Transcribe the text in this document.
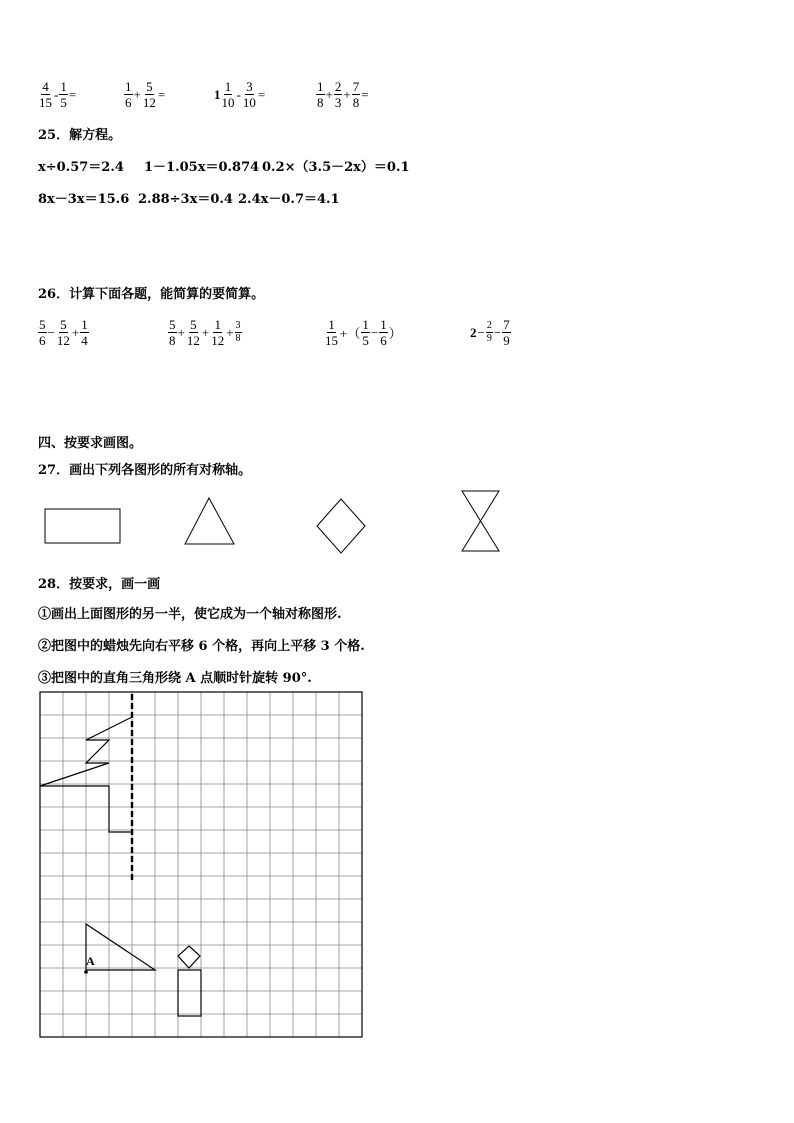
$\frac{4}{15} - \frac{1}{5}$ =	$\frac{1}{6} + \frac{5}{12}$ =	$1 \frac{1}{10} - \frac{3}{10}$ =	$\frac{1}{8} + \frac{2}{3} + \frac{7}{8}$ =
25．解方程。
x÷0.57＝2.4 1－1.05x＝0.874 0.2×（3.5－2x）＝0.1
8x－3x＝15.6 2.88÷3x＝0.4 2.4x－0.7＝4.1
26．计算下面各题，能简算的要简算。
$\frac{5}{6} - \frac{5}{12} + \frac{1}{4}$	$\frac{5}{8} + \frac{5}{12} + \frac{1}{12} + \frac{3}{8}$	$\frac{1}{15}$ +（ $\frac{1}{5} - \frac{1}{6}$ ）	$2 - \frac{2}{9} - \frac{7}{9}$
四、按要求画图。
27．画出下列各图形的所有对称轴。
28．按要求，画一画
①画出上面图形的另一半，使它成为一个轴对称图形.
②把图中的蜡烛先向右平移 6 个格，再向上平移 3 个格.
③把图中的直角三角形绕 A 点顺时针旋转 90°.
A
